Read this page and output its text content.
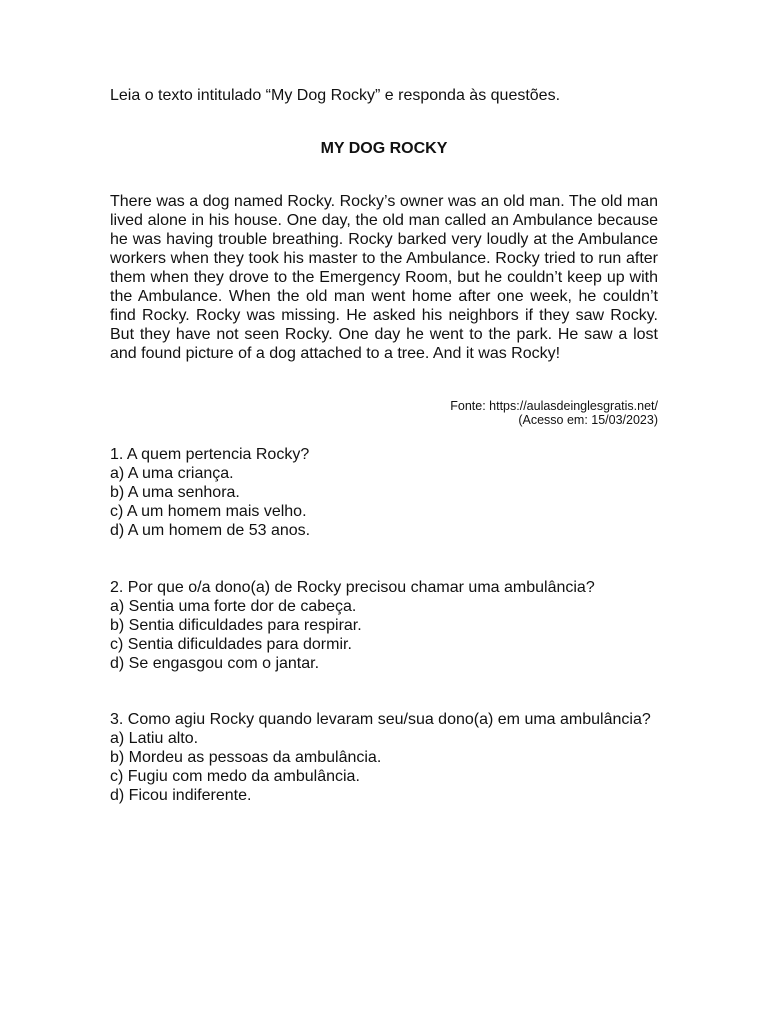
Leia o texto intitulado “My Dog Rocky” e responda às questões.

MY DOG ROCKY

There was a dog named Rocky. Rocky’s owner was an old man. The old man lived alone in his house. One day, the old man called an Ambulance because he was having trouble breathing. Rocky barked very loudly at the Ambulance workers when they took his master to the Ambulance. Rocky tried to run after them when they drove to the Emergency Room, but he couldn’t keep up with the Ambulance. When the old man went home after one week, he couldn’t find Rocky. Rocky was missing. He asked his neighbors if they saw Rocky. But they have not seen Rocky. One day he went to the park. He saw a lost and found picture of a dog attached to a tree. And it was Rocky!

Fonte: https://aulasdeinglesgratis.net/
(Acesso em: 15/03/2023)

1. A quem pertencia Rocky?

a) A uma criança.

b) A uma senhora.

c) A um homem mais velho.

d) A um homem de 53 anos.

2. Por que o/a dono(a) de Rocky precisou chamar uma ambulância?

a) Sentia uma forte dor de cabeça.

b) Sentia dificuldades para respirar.

c) Sentia dificuldades para dormir.

d) Se engasgou com o jantar.

3. Como agiu Rocky quando levaram seu/sua dono(a) em uma ambulância?

a) Latiu alto.

b) Mordeu as pessoas da ambulância.

c) Fugiu com medo da ambulância.

d) Ficou indiferente.
